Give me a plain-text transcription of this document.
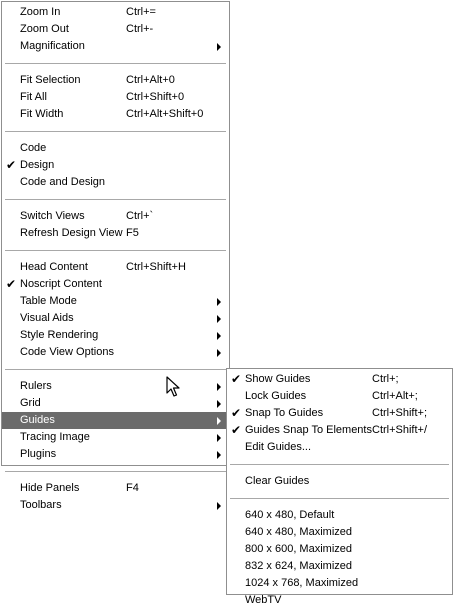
Zoom In	Ctrl+=
Zoom Out	Ctrl+-
Magnification
Fit Selection	Ctrl+Alt+0
Fit All	Ctrl+Shift+0
Fit Width	Ctrl+Alt+Shift+0
Code
✔ Design
Code and Design
Switch Views	Ctrl+`
Refresh Design View F5
Head Content	Ctrl+Shift+H
✔ Noscript Content
Table Mode
Visual Aids
Style Rendering
Code View Options
Rulers
Grid
Guides
Tracing Image
Plugins
Hide Panels	F4
Toolbars
✔ Show Guides	Ctrl+;
Lock Guides	Ctrl+Alt+;
✔ Snap To Guides	Ctrl+Shift+;
✔ Guides Snap To Elements Ctrl+Shift+/
Edit Guides...
Clear Guides
640 x 480, Default
640 x 480, Maximized
800 x 600, Maximized
832 x 624, Maximized
1024 x 768, Maximized
WebTV
